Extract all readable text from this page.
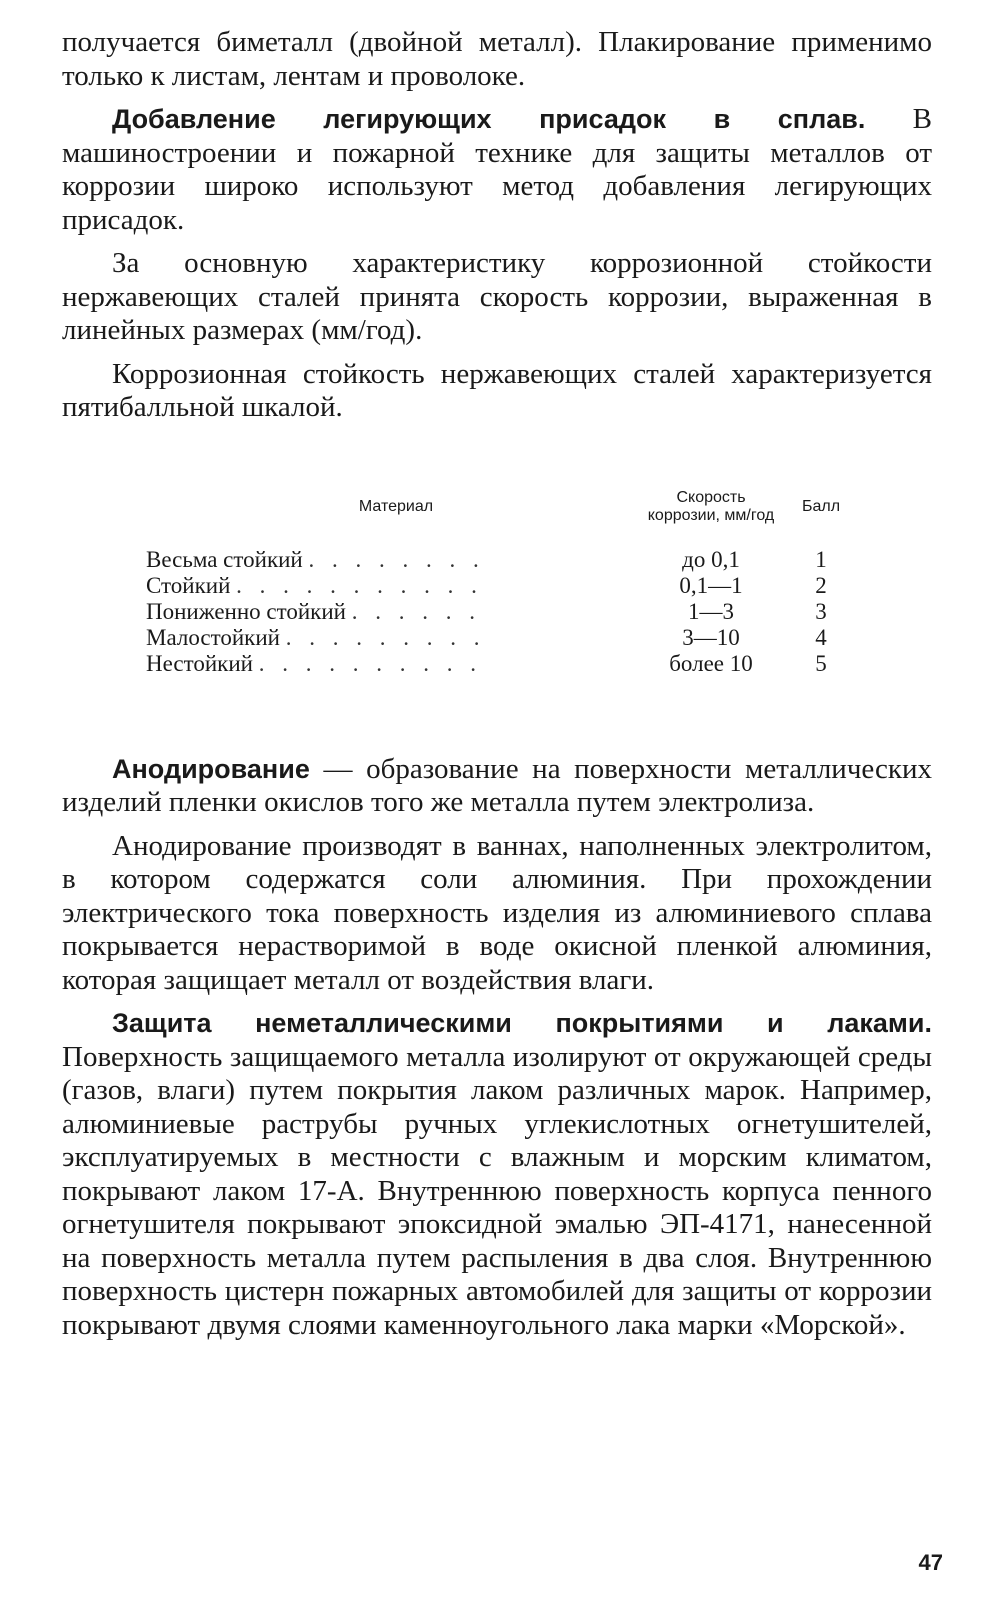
получается биметалл (двойной металл). Плакирование применимо только к листам, лентам и проволоке.

Добавление легирующих присадок в сплав. В машиностроении и пожарной технике для защиты металлов от коррозии широко используют метод добавления легирующих присадок.

За основную характеристику коррозионной стойкости нержавеющих сталей принята скорость коррозии, выраженная в линейных размерах (мм/год).

Коррозионная стойкость нержавеющих сталей характеризуется пятибалльной шкалой.

Материал	Скорость коррозии, мм/год	Балл
Весьма стойкий . . . . . . . .	до 0,1	1
Стойкий . . . . . . . . . . .	0,1—1	2
Пониженно стойкий . . . . . .	1—3	3
Малостойкий . . . . . . . . .	3—10	4
Нестойкий . . . . . . . . . .	более 10	5

Анодирование — образование на поверхности металлических изделий пленки окислов того же металла путем электролиза.

Анодирование производят в ваннах, наполненных электролитом, в котором содержатся соли алюминия. При прохождении электрического тока поверхность изделия из алюминиевого сплава покрывается нерастворимой в воде окисной пленкой алюминия, которая защищает металл от воздействия влаги.

Защита неметаллическими покрытиями и лаками. Поверхность защищаемого металла изолируют от окружающей среды (газов, влаги) путем покрытия лаком различных марок. Например, алюминиевые раструбы ручных углекислотных огнетушителей, эксплуатируемых в местности с влажным и морским климатом, покрывают лаком 17-А. Внутреннюю поверхность корпуса пенного огнетушителя покрывают эпоксидной эмалью ЭП-4171, нанесенной на поверхность металла путем распыления в два слоя. Внутреннюю поверхность цистерн пожарных автомобилей для защиты от коррозии покрывают двумя слоями каменноугольного лака марки «Морской».

47
